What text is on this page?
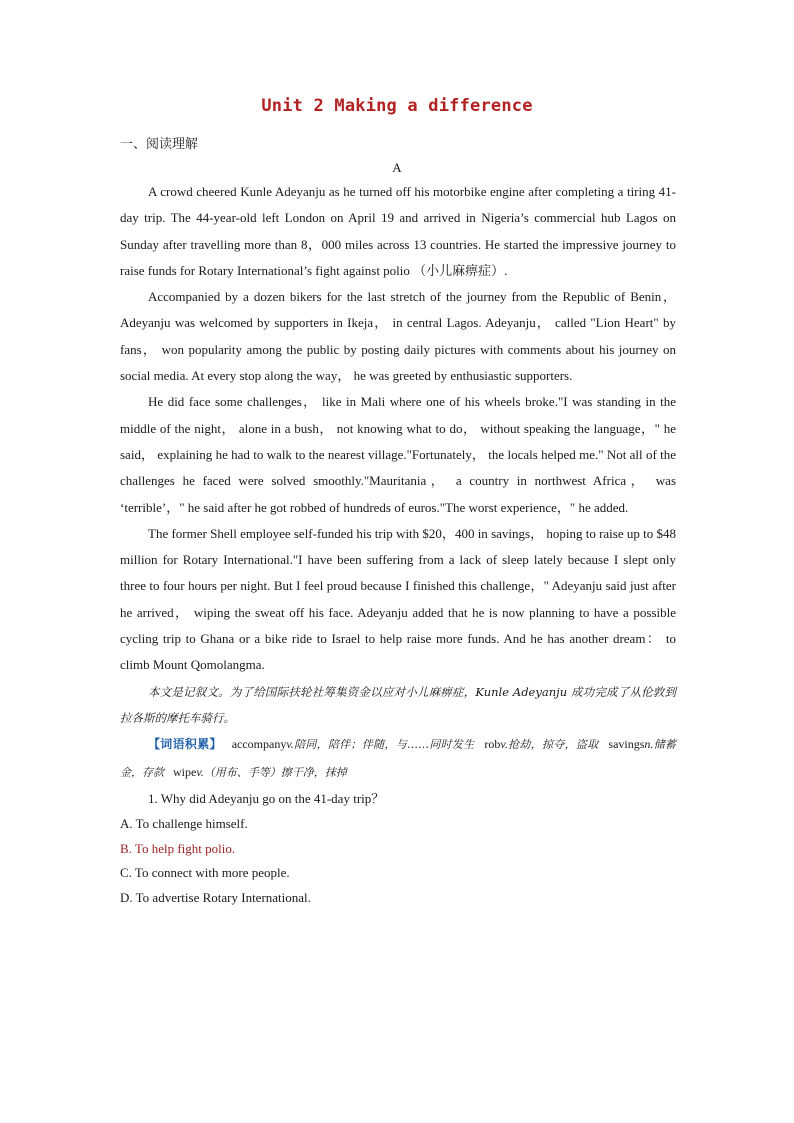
Unit 2 Making a difference
一、阅读理解
A

A crowd cheered Kunle Adeyanju as he turned off his motorbike engine after completing a tiring 41-day trip. The 44-year-old left London on April 19 and arrived in Nigeria’s commercial hub Lagos on Sunday after travelling more than 8，000 miles across 13 countries. He started the impressive journey to raise funds for Rotary International’s fight against polio （小儿麻痹症）.

Accompanied by a dozen bikers for the last stretch of the journey from the Republic of Benin， Adeyanju was welcomed by supporters in Ikeja， in central Lagos. Adeyanju， called "Lion Heart" by fans， won popularity among the public by posting daily pictures with comments about his journey on social media. At every stop along the way， he was greeted by enthusiastic supporters.

He did face some challenges， like in Mali where one of his wheels broke."I was standing in the middle of the night， alone in a bush， not knowing what to do， without speaking the language，" he said， explaining he had to walk to the nearest village."Fortunately， the locals helped me." Not all of the challenges he faced were solved smoothly."Mauritania， a country in northwest Africa， was ‘terrible’，" he said after he got robbed of hundreds of euros."The worst experience，" he added.

The former Shell employee self-funded his trip with $20，400 in savings， hoping to raise up to $48 million for Rotary International."I have been suffering from a lack of sleep lately because I slept only three to four hours per night. But I feel proud because I finished this challenge，" Adeyanju said just after he arrived， wiping the sweat off his face. Adeyanju added that he is now planning to have a possible cycling trip to Ghana or a bike ride to Israel to help raise more funds. And he has another dream： to climb Mount Qomolangma.

本文是记叙文。为了给国际扶轮社筹集资金以应对小儿麻痹症，Kunle Adeyanju 成功完成了从伦敦到拉各斯的摩托车骑行。

【词语积累】 accompanyv.陪同，陪伴；伴随，与……同时发生 robv.抢劫，掠夺，盗取 savingsn.储蓄金，存款 wipev.（用布、手等）擦干净，抹掉

1. Why did Adeyanju go on the 41-day trip？

A. To challenge himself.
B. To help fight polio.
C. To connect with more people.
D. To advertise Rotary International.
